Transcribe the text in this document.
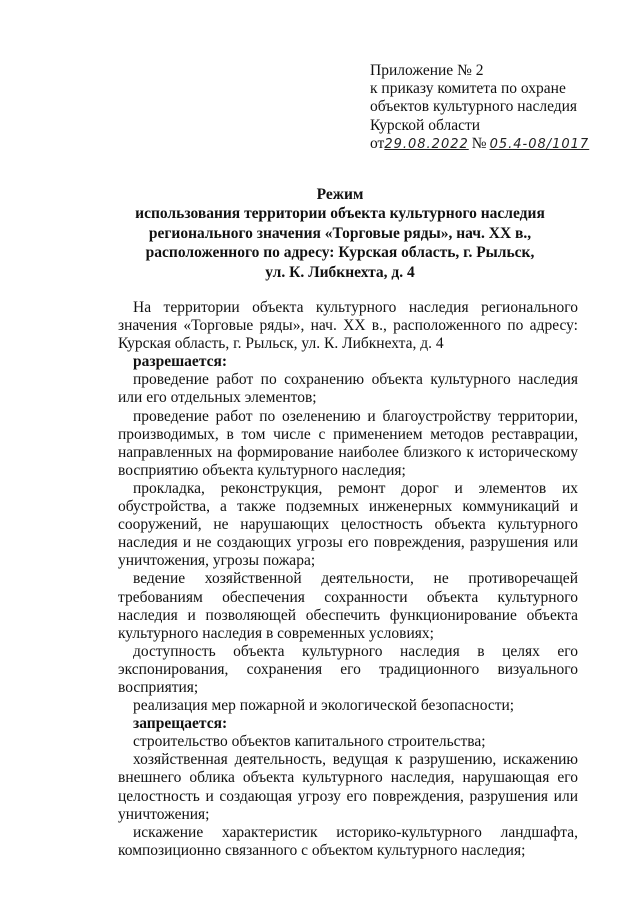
Приложение № 2
к приказу комитета по охране
объектов культурного наследия
Курской области
от29.08.2022 № 05.4-08/1017
Режим
использования территории объекта культурного наследия
регионального значения «Торговые ряды», нач. XX в.,
расположенного по адресу: Курская область, г. Рыльск,
ул. К. Либкнехта, д. 4

На территории объекта культурного наследия регионального значения «Торговые ряды», нач. XX в., расположенного по адресу: Курская область, г. Рыльск, ул. К. Либкнехта, д. 4

разрешается:

проведение работ по сохранению объекта культурного наследия или его отдельных элементов;

проведение работ по озеленению и благоустройству территории, производимых, в том числе с применением методов реставрации, направленных на формирование наиболее близкого к историческому восприятию объекта культурного наследия;

прокладка, реконструкция, ремонт дорог и элементов их обустройства, а также подземных инженерных коммуникаций и сооружений, не нарушающих целостность объекта культурного наследия и не создающих угрозы его повреждения, разрушения или уничтожения, угрозы пожара;

ведение хозяйственной деятельности, не противоречащей требованиям обеспечения сохранности объекта культурного наследия и позволяющей обеспечить функционирование объекта культурного наследия в современных условиях;

доступность объекта культурного наследия в целях его экспонирования, сохранения его традиционного визуального восприятия;

реализация мер пожарной и экологической безопасности;

запрещается:

строительство объектов капитального строительства;

хозяйственная деятельность, ведущая к разрушению, искажению внешнего облика объекта культурного наследия, нарушающая его целостность и создающая угрозу его повреждения, разрушения или уничтожения;

искажение характеристик историко-культурного ландшафта, композиционно связанного с объектом культурного наследия;
